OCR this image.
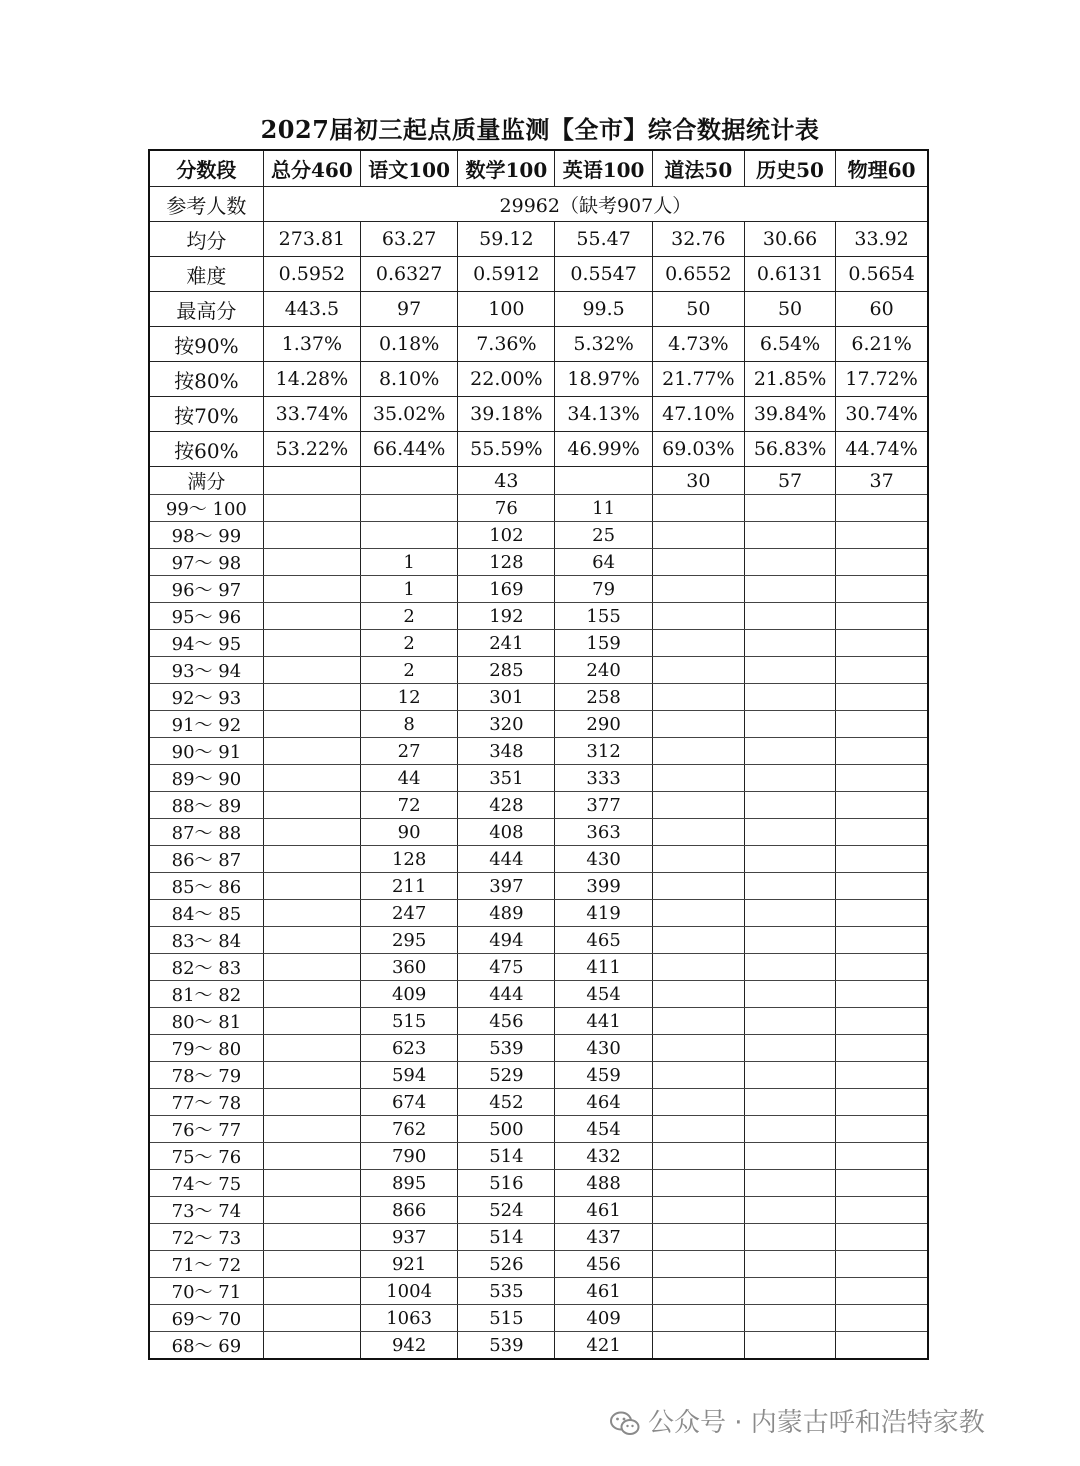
2027届初三起点质量监测【全市】综合数据统计表
分数段	总分460	语文100	数学100	英语100	道法50	历史50	物理60
参考人数	29962（缺考907人）						
均分	273.81	63.27	59.12	55.47	32.76	30.66	33.92
难度	0.5952	0.6327	0.5912	0.5547	0.6552	0.6131	0.5654
最高分	443.5	97	100	99.5	50	50	60
按90%	1.37%	0.18%	7.36%	5.32%	4.73%	6.54%	6.21%
按80%	14.28%	8.10%	22.00%	18.97%	21.77%	21.85%	17.72%
按70%	33.74%	35.02%	39.18%	34.13%	47.10%	39.84%	30.74%
按60%	53.22%	66.44%	55.59%	46.99%	69.03%	56.83%	44.74%
满分			43		30	57	37
99～ 100			76	11			
98～ 99			102	25			
97～ 98		1	128	64			
96～ 97		1	169	79			
95～ 96		2	192	155			
94～ 95		2	241	159			
93～ 94		2	285	240			
92～ 93		12	301	258			
91～ 92		8	320	290			
90～ 91		27	348	312			
89～ 90		44	351	333			
88～ 89		72	428	377			
87～ 88		90	408	363			
86～ 87		128	444	430			
85～ 86		211	397	399			
84～ 85		247	489	419			
83～ 84		295	494	465			
82～ 83		360	475	411			
81～ 82		409	444	454			
80～ 81		515	456	441			
79～ 80		623	539	430			
78～ 79		594	529	459			
77～ 78		674	452	464			
76～ 77		762	500	454			
75～ 76		790	514	432			
74～ 75		895	516	488			
73～ 74		866	524	461			
72～ 73		937	514	437			
71～ 72		921	526	456			
70～ 71		1004	535	461			
69～ 70		1063	515	409			
68～ 69		942	539	421			
公众号 · 内蒙古呼和浩特家教
